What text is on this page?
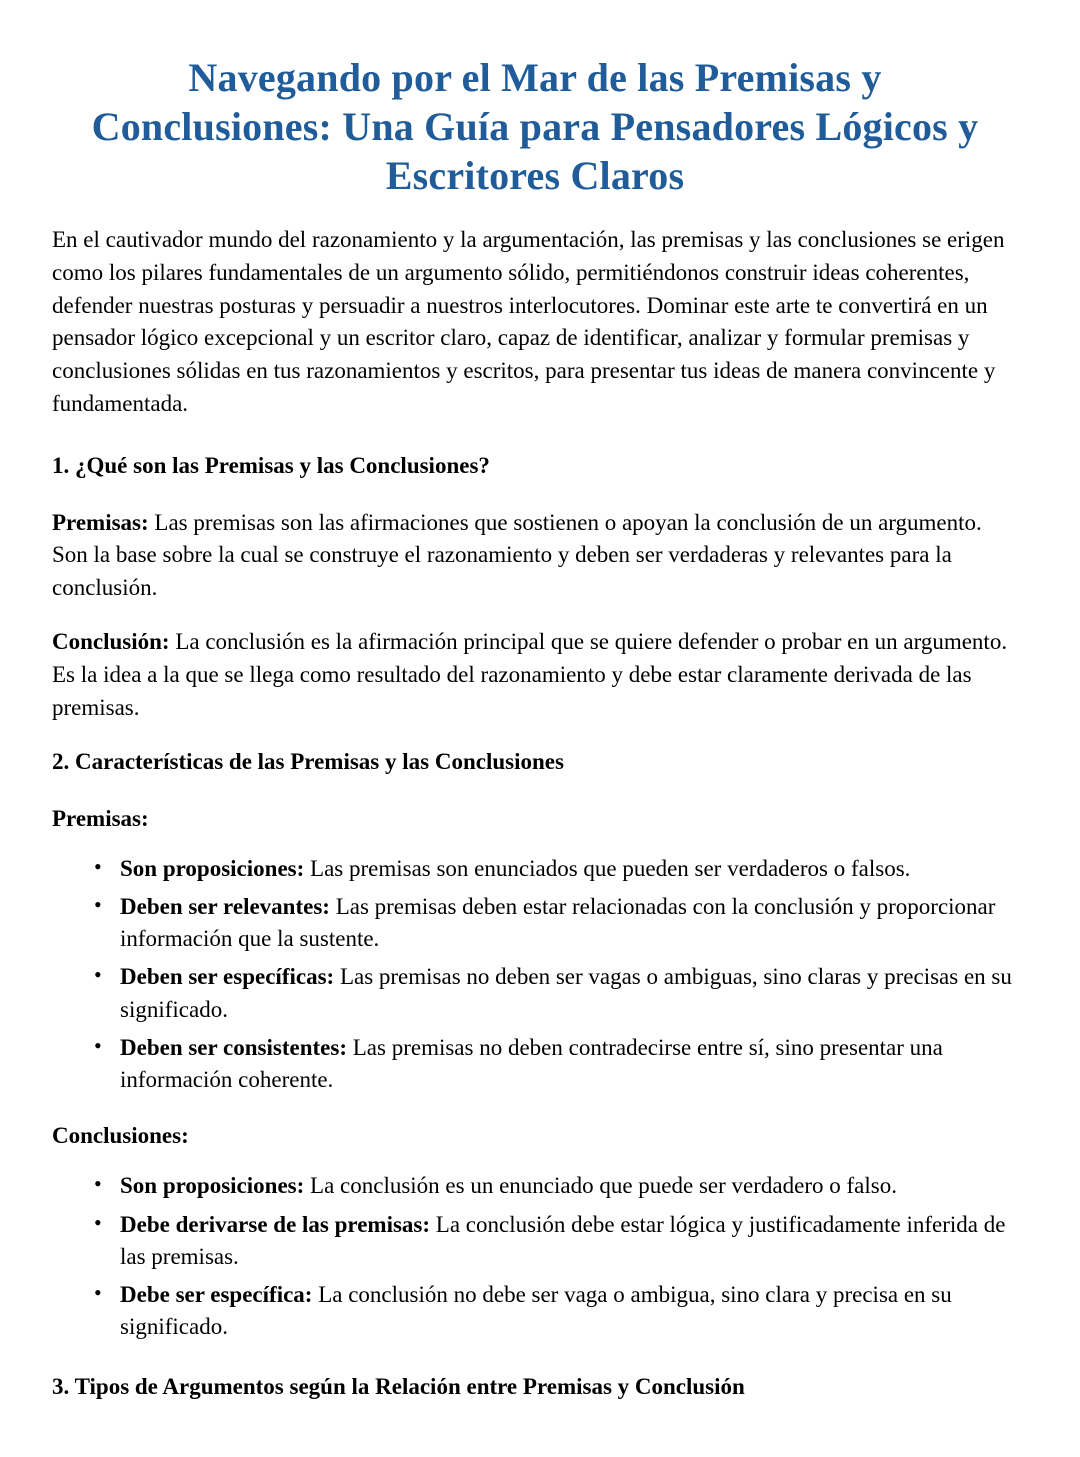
Navegando por el Mar de las Premisas y Conclusiones: Una Guía para Pensadores Lógicos y Escritores Claros

En el cautivador mundo del razonamiento y la argumentación, las premisas y las conclusiones se erigen como los pilares fundamentales de un argumento sólido, permitiéndonos construir ideas coherentes, defender nuestras posturas y persuadir a nuestros interlocutores. Dominar este arte te convertirá en un pensador lógico excepcional y un escritor claro, capaz de identificar, analizar y formular premisas y conclusiones sólidas en tus razonamientos y escritos, para presentar tus ideas de manera convincente y fundamentada.

1. ¿Qué son las Premisas y las Conclusiones?

Premisas: Las premisas son las afirmaciones que sostienen o apoyan la conclusión de un argumento. Son la base sobre la cual se construye el razonamiento y deben ser verdaderas y relevantes para la conclusión.

Conclusión: La conclusión es la afirmación principal que se quiere defender o probar en un argumento. Es la idea a la que se llega como resultado del razonamiento y debe estar claramente derivada de las premisas.

2. Características de las Premisas y las Conclusiones

Premisas:

• Son proposiciones: Las premisas son enunciados que pueden ser verdaderos o falsos.
• Deben ser relevantes: Las premisas deben estar relacionadas con la conclusión y proporcionar información que la sustente.
• Deben ser específicas: Las premisas no deben ser vagas o ambiguas, sino claras y precisas en su significado.
• Deben ser consistentes: Las premisas no deben contradecirse entre sí, sino presentar una información coherente.

Conclusiones:

• Son proposiciones: La conclusión es un enunciado que puede ser verdadero o falso.
• Debe derivarse de las premisas: La conclusión debe estar lógica y justificadamente inferida de las premisas.
• Debe ser específica: La conclusión no debe ser vaga o ambigua, sino clara y precisa en su significado.
3. Tipos de Argumentos según la Relación entre Premisas y Conclusión
